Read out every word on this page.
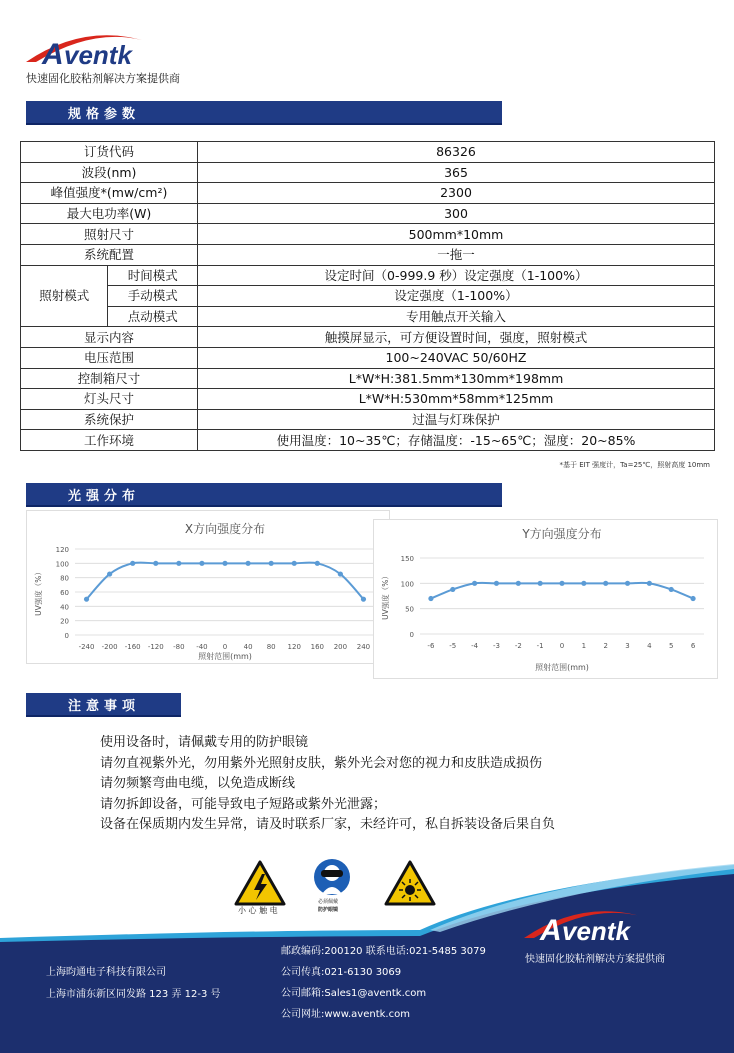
A ventk
快速固化胶粘剂解决方案提供商
规格参数
订货代码		86326
波段(nm)		365
峰值强度*(mw/cm²)		2300
最大电功率(W)		300
照射尺寸		500mm*10mm
系统配置		一拖一
照射模式	时间模式	设定时间（0-999.9 秒）设定强度（1-100%）
	手动模式	设定强度（1-100%）
	点动模式	专用触点开关输入
显示内容		触摸屏显示，可方便设置时间，强度，照射模式
电压范围		100~240VAC 50/60HZ
控制箱尺寸		L*W*H:381.5mm*130mm*198mm
灯头尺寸		L*W*H:530mm*58mm*125mm
系统保护		过温与灯珠保护
工作环境		使用温度：10~35℃；存储温度：-15~65℃；湿度：20~85%
*基于 EIT 强度计，Ta=25℃，照射高度 10mm
光强分布
X方向强度分布
0
20
40
60
80
100
120
-240 -200 -160 -120 -80 -40 0 40 80 120 160 200 240
UV强度（%）
照射范围(mm)
Y方向强度分布
0
50
100
150
-6 -5 -4 -3 -2 -1 0 1 2 3 4 5 6
UV强度（%）
照射范围(mm)
注意事项
使用设备时，请佩戴专用的防护眼镜
请勿直视紫外光，勿用紫外光照射皮肤，紫外光会对您的视力和皮肤造成损伤
请勿频繁弯曲电缆，以免造成断线
请勿拆卸设备，可能导致电子短路或紫外光泄露；
设备在保质期内发生异常，请及时联系厂家，未经许可，私自拆装设备后果自负
小 心 触 电
必须佩戴
防护眼镜
A ventk
快速固化胶粘剂解决方案提供商
上海昀通电子科技有限公司
上海市浦东新区同发路 123 弄 12-3 号
邮政编码:200120 联系电话:021-5485 3079
公司传真:021-6130 3069
公司邮箱:Sales1@aventk.com
公司网址:www.aventk.com
